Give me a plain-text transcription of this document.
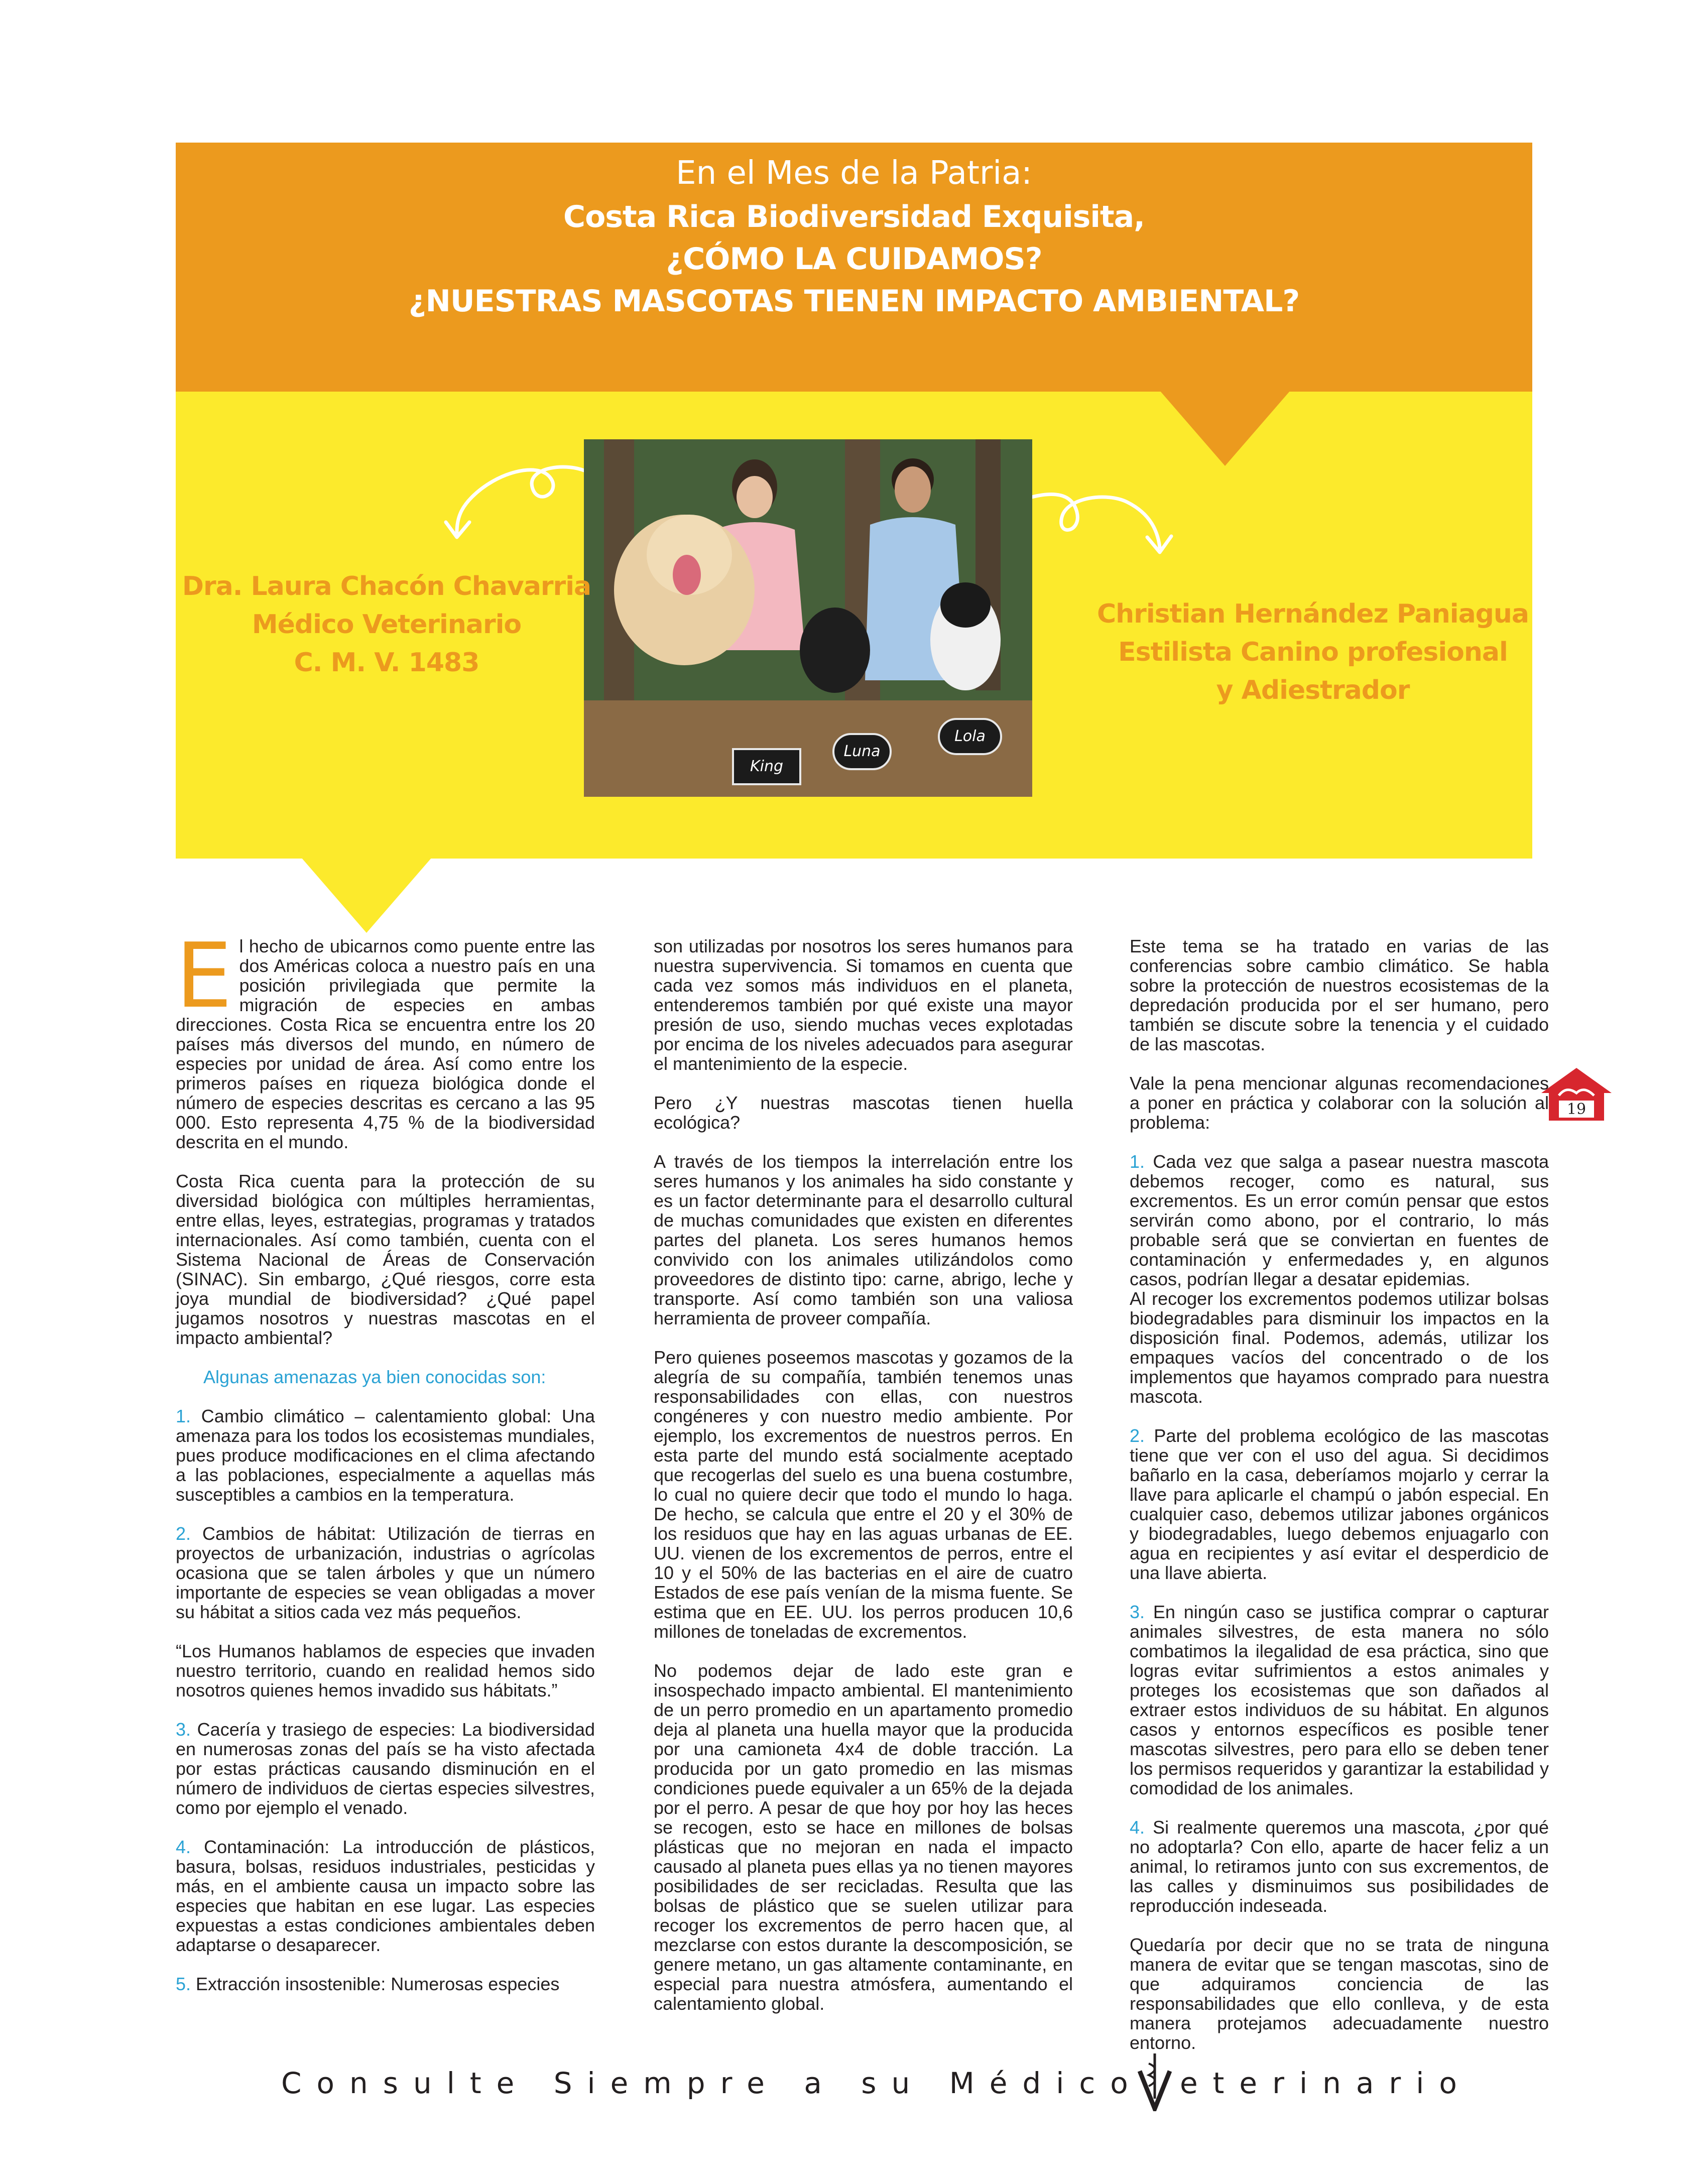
En el Mes de la Patria:
Costa Rica Biodiversidad Exquisita,
¿CÓMO LA CUIDAMOS?
¿NUESTRAS MASCOTAS TIENEN IMPACTO AMBIENTAL?
King
Luna
Lola
Dra. Laura Chacón Chavarria
Médico Veterinario
C. M. V. 1483
Christian Hernández Paniagua
Estilista Canino profesional
y Adiestrador

El hecho de ubicarnos como puente entre las dos Américas coloca a nuestro país en una posición privilegiada que permite la migración de especies en ambas direcciones. Costa Rica se encuentra entre los 20 países más diversos del mundo, en número de especies por unidad de área. Así como entre los primeros países en riqueza biológica donde el número de especies descritas es cercano a las 95 000. Esto representa 4,75 % de la biodiversidad descrita en el mundo.

Costa Rica cuenta para la protección de su diversidad biológica con múltiples herramientas, entre ellas, leyes, estrategias, programas y tratados internacionales. Así como también, cuenta con el Sistema Nacional de Áreas de Conservación (SINAC). Sin embargo, ¿Qué riesgos, corre esta joya mundial de biodiversidad? ¿Qué papel jugamos nosotros y nuestras mascotas en el impacto ambiental?

Algunas amenazas ya bien conocidas son:

1. Cambio climático – calentamiento global: Una amenaza para los todos los ecosistemas mundiales, pues produce modificaciones en el clima afectando a las poblaciones, especialmente a aquellas más susceptibles a cambios en la temperatura.

2. Cambios de hábitat: Utilización de tierras en proyectos de urbanización, industrias o agrícolas ocasiona que se talen árboles y que un número importante de especies se vean obligadas a mover su hábitat a sitios cada vez más pequeños.

“Los Humanos hablamos de especies que invaden nuestro territorio, cuando en realidad hemos sido nosotros quienes hemos invadido sus hábitats.”

3. Cacería y trasiego de especies: La biodiversidad en numerosas zonas del país se ha visto afectada por estas prácticas causando disminución en el número de individuos de ciertas especies silvestres, como por ejemplo el venado.

4. Contaminación: La introducción de plásticos, basura, bolsas, residuos industriales, pesticidas y más, en el ambiente causa un impacto sobre las especies que habitan en ese lugar. Las especies expuestas a estas condiciones ambientales deben adaptarse o desaparecer.

5. Extracción insostenible: Numerosas especies

son utilizadas por nosotros los seres humanos para nuestra supervivencia. Si tomamos en cuenta que cada vez somos más individuos en el planeta, entenderemos también por qué existe una mayor presión de uso, siendo muchas veces explotadas por encima de los niveles adecuados para asegurar el mantenimiento de la especie.

Pero ¿Y nuestras mascotas tienen huella ecológica?

A través de los tiempos la interrelación entre los seres humanos y los animales ha sido constante y es un factor determinante para el desarrollo cultural de muchas comunidades que existen en diferentes partes del planeta. Los seres humanos hemos convivido con los animales utilizándolos como proveedores de distinto tipo: carne, abrigo, leche y transporte. Así como también son una valiosa herramienta de proveer compañía.

Pero quienes poseemos mascotas y gozamos de la alegría de su compañía, también tenemos unas responsabilidades con ellas, con nuestros congéneres y con nuestro medio ambiente. Por ejemplo, los excrementos de nuestros perros. En esta parte del mundo está socialmente aceptado que recogerlas del suelo es una buena costumbre, lo cual no quiere decir que todo el mundo lo haga. De hecho, se calcula que entre el 20 y el 30% de los residuos que hay en las aguas urbanas de EE. UU. vienen de los excrementos de perros, entre el 10 y el 50% de las bacterias en el aire de cuatro Estados de ese país venían de la misma fuente. Se estima que en EE. UU. los perros producen 10,6 millones de toneladas de excrementos.

No podemos dejar de lado este gran e insospechado impacto ambiental. El mantenimiento de un perro promedio en un apartamento promedio deja al planeta una huella mayor que la producida por una camioneta 4x4 de doble tracción. La producida por un gato promedio en las mismas condiciones puede equivaler a un 65% de la dejada por el perro. A pesar de que hoy por hoy las heces se recogen, esto se hace en millones de bolsas plásticas que no mejoran en nada el impacto causado al planeta pues ellas ya no tienen mayores posibilidades de ser recicladas. Resulta que las bolsas de plástico que se suelen utilizar para recoger los excrementos de perro hacen que, al mezclarse con estos durante la descomposición, se genere metano, un gas altamente contaminante, en especial para nuestra atmósfera, aumentando el calentamiento global.

Este tema se ha tratado en varias de las conferencias sobre cambio climático. Se habla sobre la protección de nuestros ecosistemas de la depredación producida por el ser humano, pero también se discute sobre la tenencia y el cuidado de las mascotas.

Vale la pena mencionar algunas recomendaciones a poner en práctica y colaborar con la solución al problema:

1. Cada vez que salga a pasear nuestra mascota debemos recoger, como es natural, sus excrementos. Es un error común pensar que estos servirán como abono, por el contrario, lo más probable será que se conviertan en fuentes de contaminación y enfermedades y, en algunos casos, podrían llegar a desatar epidemias.

Al recoger los excrementos podemos utilizar bolsas biodegradables para disminuir los impactos en la disposición final. Podemos, además, utilizar los empaques vacíos del concentrado o de los implementos que hayamos comprado para nuestra mascota.

2. Parte del problema ecológico de las mascotas tiene que ver con el uso del agua. Si decidimos bañarlo en la casa, deberíamos mojarlo y cerrar la llave para aplicarle el champú o jabón especial. En cualquier caso, debemos utilizar jabones orgánicos y biodegradables, luego debemos enjuagarlo con agua en recipientes y así evitar el desperdicio de una llave abierta.

3. En ningún caso se justifica comprar o capturar animales silvestres, de esta manera no sólo combatimos la ilegalidad de esa práctica, sino que logras evitar sufrimientos a estos animales y proteges los ecosistemas que son dañados al extraer estos individuos de su hábitat. En algunos casos y entornos específicos es posible tener mascotas silvestres, pero para ello se deben tener los permisos requeridos y garantizar la estabilidad y comodidad de los animales.

4. Si realmente queremos una mascota, ¿por qué no adoptarla? Con ello, aparte de hacer feliz a un animal, lo retiramos junto con sus excrementos, de las calles y disminuimos sus posibilidades de reproducción indeseada.

Quedaría por decir que no se trata de ninguna manera de evitar que se tengan mascotas, sino de que adquiramos conciencia de las responsabilidades que ello conlleva, y de esta manera protejamos adecuadamente nuestro entorno.

19
Consulte Siempre a su Médico eterinario
